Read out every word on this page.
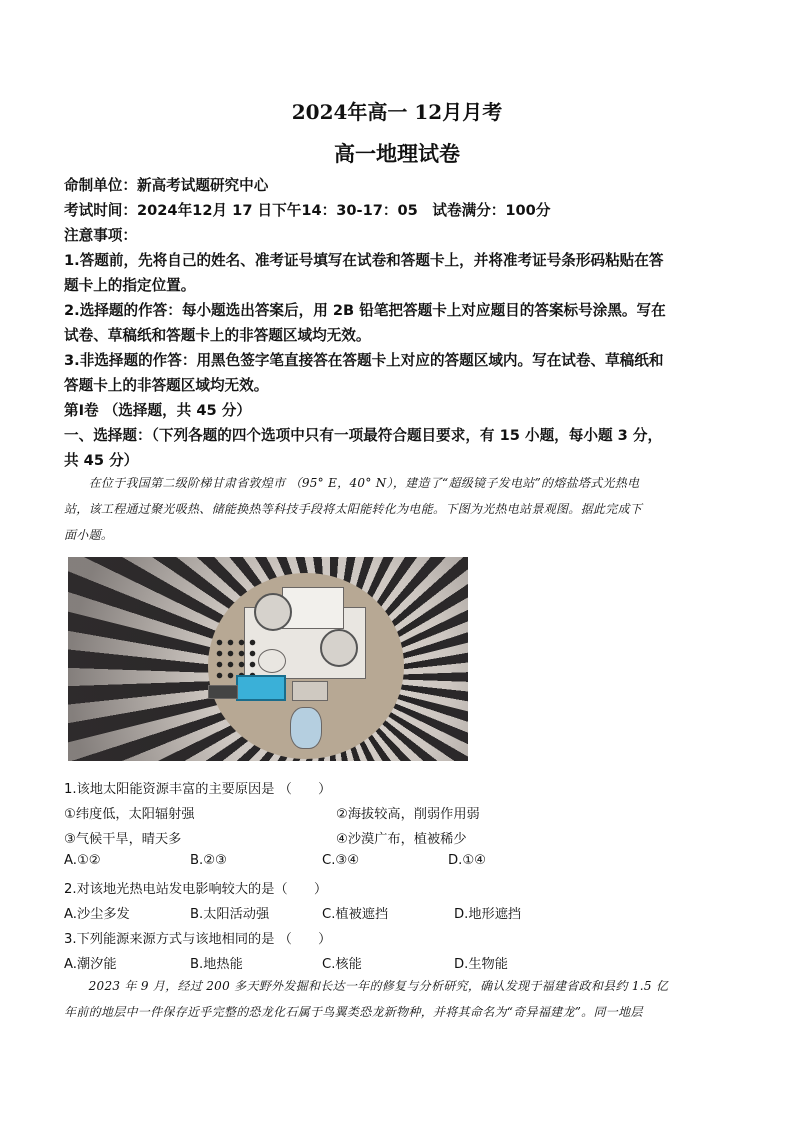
2024年高一 12月月考
高一地理试卷
命制单位：新高考试题研究中心
考试时间：2024年12月 17 日下午14：30-17：05　试卷满分：100分
注意事项：
1.答题前，先将自己的姓名、准考证号填写在试卷和答题卡上，并将准考证号条形码粘贴在答
题卡上的指定位置。
2.选择题的作答：每小题选出答案后，用 2B 铅笔把答题卡上对应题目的答案标号涂黑。写在
试卷、草稿纸和答题卡上的非答题区域均无效。
3.非选择题的作答：用黑色签字笔直接答在答题卡上对应的答题区域内。写在试卷、草稿纸和
答题卡上的非答题区域均无效。
第Ⅰ卷 （选择题，共 45 分）
一、选择题：（下列各题的四个选项中只有一项最符合题目要求，有 15 小题，每小题 3 分，
共 45 分）
　　在位于我国第二级阶梯甘肃省敦煌市 （95° E，40° N），建造了“超级镜子发电站”的熔盐塔式光热电
站，该工程通过聚光吸热、储能换热等科技手段将太阳能转化为电能。下图为光热电站景观图。据此完成下
面小题。
1.该地太阳能资源丰富的主要原因是 （　　）
①纬度低，太阳辐射强	②海拔较高，削弱作用弱
③气候干旱，晴天多	④沙漠广布，植被稀少
A.①②	B.②③	C.③④	D.①④
2.对该地光热电站发电影响较大的是（　　）
A.沙尘多发	B.太阳活动强	C.植被遮挡	D.地形遮挡
3.下列能源来源方式与该地相同的是 （　　）
A.潮汐能	B.地热能	C.核能	D.生物能
　　2023 年 9 月，经过 200 多天野外发掘和长达一年的修复与分析研究，确认发现于福建省政和县约 1.5 亿
年前的地层中一件保存近乎完整的恐龙化石属于鸟翼类恐龙新物种，并将其命名为“奇异福建龙”。同一地层
